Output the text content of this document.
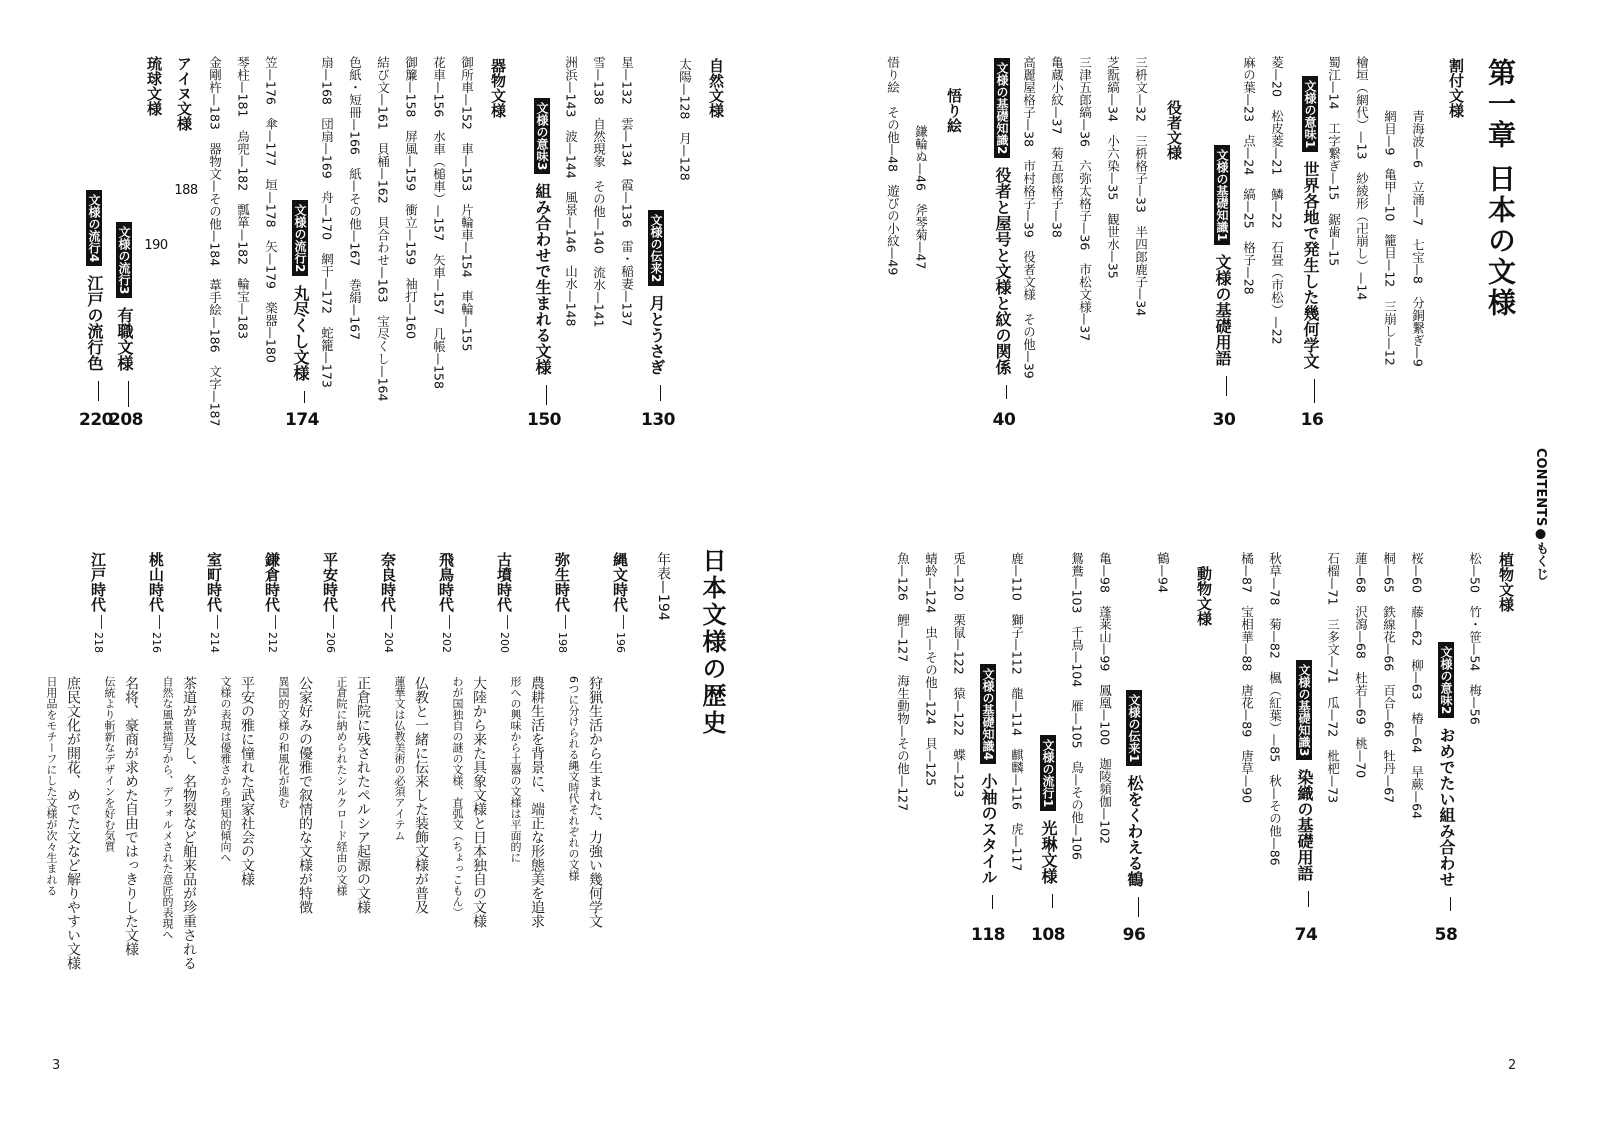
3	2
CONTENTS●もくじ
第一章 日本の文様
割付文様
青海波—6　立涌—7　七宝—8　分銅繋ぎ—9
網目—9　亀甲—10　籠目—12　三崩し—12
檜垣（網代）—13　紗綾形（卍崩し）—14
蜀江—14　工字繋ぎ—15　鋸歯—15
文様の意味1 世界各地で発生した幾何学文
16
菱—20　松皮菱—21　鱗—22　石畳（市松）—22
麻の葉—23　点—24　縞—25　格子—28
文様の基礎知識1 文様の基礎用語
30
役者文様
三枡文—32　三枡格子—33　半四郎鹿子—34
芝翫縞—34　小六染—35　観世水—35
三津五郎縞—36　六弥太格子—36　市松文様—37
亀蔵小紋—37　菊五郎格子—38
高麗屋格子—38　市村格子—39　役者文様　その他—39
文様の基礎知識2 役者と屋号と文様と紋の関係
40
悟り絵
鎌輪ぬ—46　斧琴菊—47
悟り絵　その他—48　遊びの小紋—49
自然文様
太陽—128　月—128
文様の伝来2 月とうさぎ
130
星—132　雲—134　霞—136　雷・稲妻—137
雪—138　自然現象　その他—140　流水—141
洲浜—143　波—144　風景—146　山水—148
文様の意味3 組み合わせで生まれる文様
150
器物文様
御所車—152　車—153　片輪車—154　車輪—155
花車—156　水車（槌車）—157　矢車—157　几帳—158
御簾—158　屏風—159　衝立—159　䄂打—160
結び文—161　貝桶—162　貝合わせ—163　宝尽くし—164
色紙・短冊—166　紙—その他—167　巻絹—167
扇—168　団扇—169　舟—170　網干—172　蛇籠—173
文様の流行2 丸尽くし文様
174
笠—176　傘—177　垣—178　矢—179　楽器—180
琴柱—181　烏兜—182　瓢箪—182　輪宝—183
金剛杵—183　器物文—その他—184　葦手絵—186　文字—187
アイヌ文様
188
琉球文様
190
文様の流行3 有職文様
208
文様の流行4 江戸の流行色
220
植物文様
松—50　竹・笹—54　梅—56
文様の意味2 おめでたい組み合わせ
58
桜—60　藤—62　柳—63　椿—64　早蕨—64
桐—65　鉄線花—66　百合—66　牡丹—67
蓮—68　沢瀉—68　杜若—69　桃—70
石榴—71　三多文—71　瓜—72　枇杷—73
文様の基礎知識3 染織の基礎用語
74
秋草—78　菊—82　楓（紅葉）—85　秋—その他—86
橘—87　宝相華—88　唐花—89　唐草—90
動物文様
鶴—94
文様の伝来1 松をくわえる鶴
96
亀—98　蓬莱山—99　鳳凰—100　迦陵頻伽—102
鴛鴦—103　千鳥—104　雁—105　鳥—その他—106
文様の流行1 光琳文様
108
鹿—110　獅子—112　龍—114　麒麟—116　虎—117
文様の基礎知識4 小袖のスタイル
118
兎—120　栗鼠—122　猿—122　蝶—123
蜻蛉—124　虫—その他—124　貝—125
魚—126　鯉—127　海生動物—その他—127
日本文様の歴史
年表—194
縄文時代196
狩猟生活から生まれた、力強い幾何学文
6つに分けられる縄文時代それぞれの文様
弥生時代198
農耕生活を背景に、端正な形態美を追求
形への興味から土器の文様は平面的に
古墳時代200
大陸から来た具象文様と日本独自の文様
わが国独自の謎の文様、直弧文（ちょっこもん）
飛鳥時代202
仏教と一緒に伝来した装飾文様が普及
蓮華文は仏教美術の必須アイテム
奈良時代204
正倉院に残されたペルシア起源の文様
正倉院に納められたシルクロード経由の文様
平安時代206
公家好みの優雅で叙情的な文様が特徴
異国的文様の和風化が進む
鎌倉時代212
平安の雅に憧れた武家社会の文様
文様の表現は優雅さから理知的傾向へ
室町時代214
茶道が普及し、名物裂など舶来品が珍重される
自然な風景描写から、デフォルメされた意匠的表現へ
桃山時代216
名将、豪商が求めた自由ではっきりした文様
伝統より斬新なデザインを好む気質
江戸時代218
庶民文化が開花、めでた文など解りやすい文様
日用品をモチーフにした文様が次々生まれる
